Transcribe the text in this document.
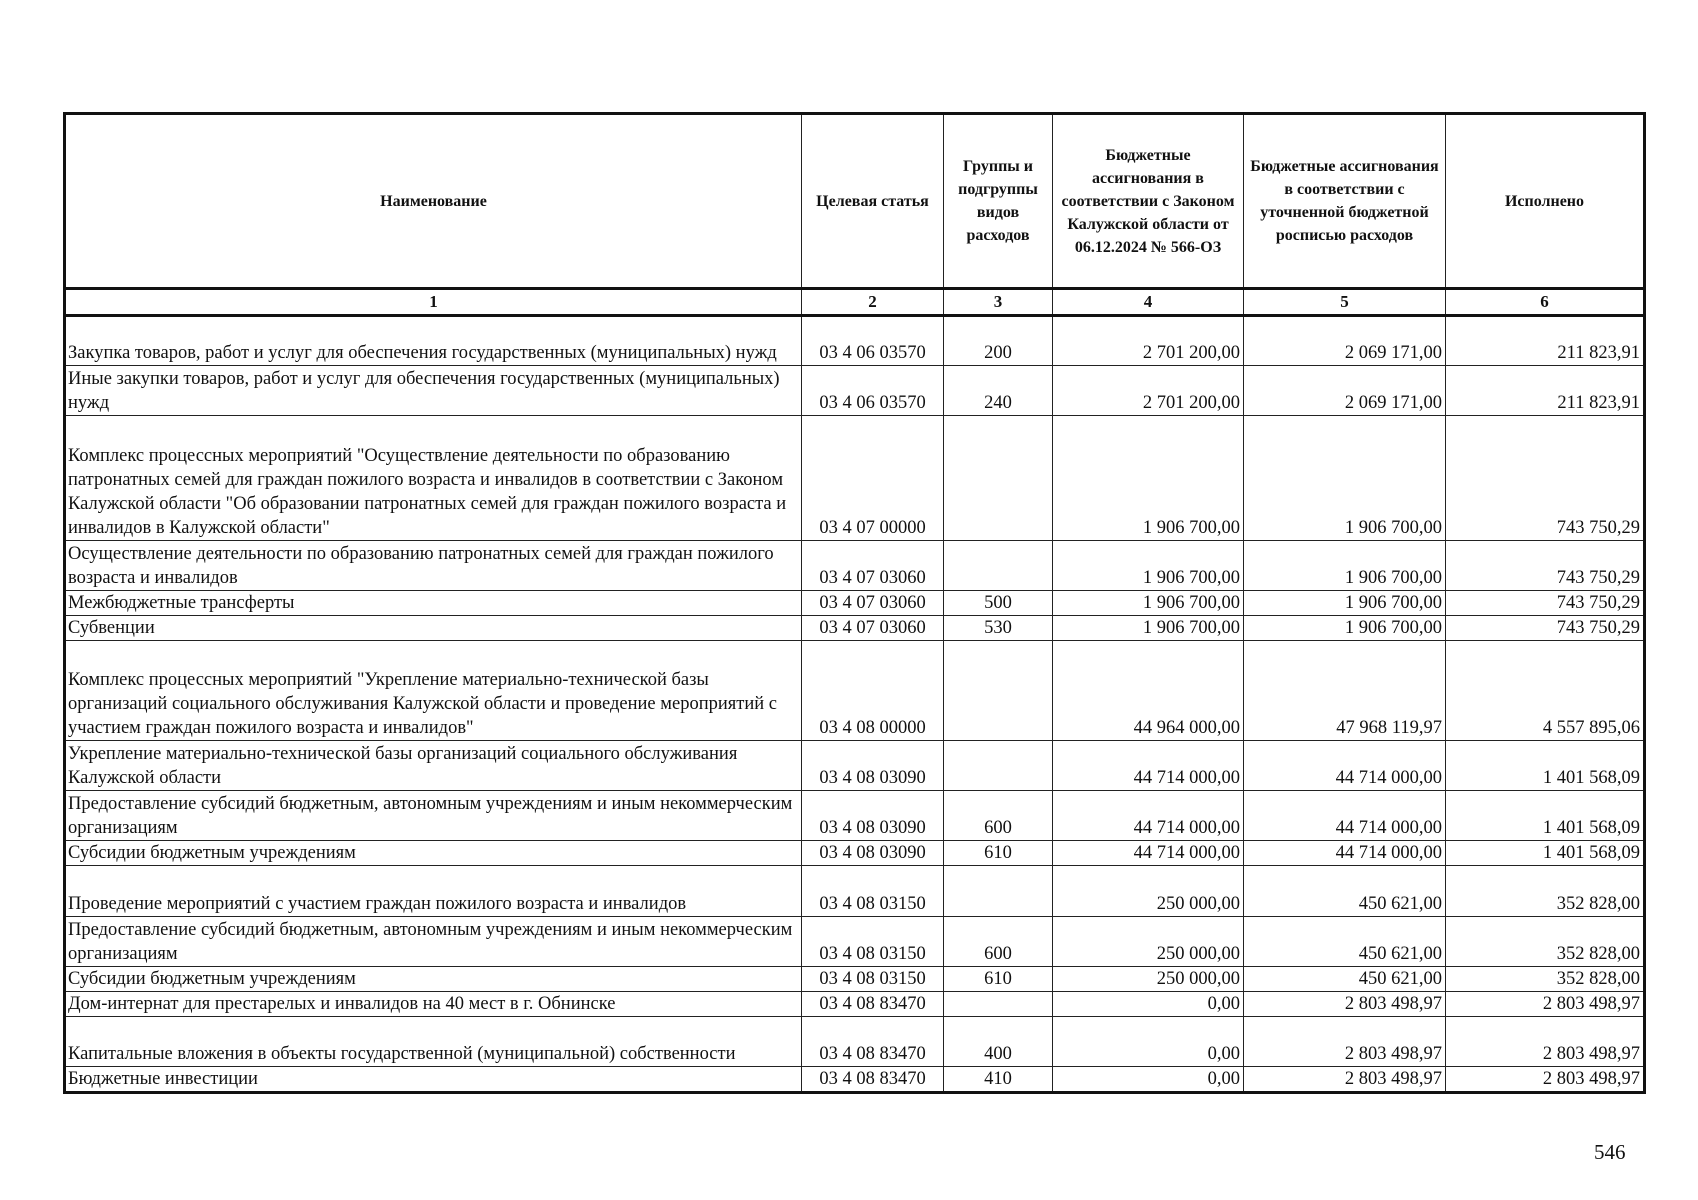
Наименование	Целевая статья	Группы и подгруппы видов расходов	Бюджетные ассигнования в соответствии с Законом Калужской области от 06.12.2024 № 566-ОЗ	Бюджетные ассигнования в соответствии с уточненной бюджетной росписью расходов	Исполнено
1	2	3	4	5	6
Закупка товаров, работ и услуг для обеспечения государственных (муниципальных) нужд	03 4 06 03570	200	2 701 200,00	2 069 171,00	211 823,91
Иные закупки товаров, работ и услуг для обеспечения государственных (муниципальных) нужд	03 4 06 03570	240	2 701 200,00	2 069 171,00	211 823,91
Комплекс процессных мероприятий "Осуществление деятельности по образованию патронатных семей для граждан пожилого возраста и инвалидов в соответствии с Законом Калужской области "Об образовании патронатных семей для граждан пожилого возраста и инвалидов в Калужской области"	03 4 07 00000		1 906 700,00	1 906 700,00	743 750,29
Осуществление деятельности по образованию патронатных семей для граждан пожилого возраста и инвалидов	03 4 07 03060		1 906 700,00	1 906 700,00	743 750,29
Межбюджетные трансферты	03 4 07 03060	500	1 906 700,00	1 906 700,00	743 750,29
Субвенции	03 4 07 03060	530	1 906 700,00	1 906 700,00	743 750,29
Комплекс процессных мероприятий "Укрепление материально-технической базы организаций социального обслуживания Калужской области и проведение мероприятий с участием граждан пожилого возраста и инвалидов"	03 4 08 00000		44 964 000,00	47 968 119,97	4 557 895,06
Укрепление материально-технической базы организаций социального обслуживания Калужской области	03 4 08 03090		44 714 000,00	44 714 000,00	1 401 568,09
Предоставление субсидий бюджетным, автономным учреждениям и иным некоммерческим организациям	03 4 08 03090	600	44 714 000,00	44 714 000,00	1 401 568,09
Субсидии бюджетным учреждениям	03 4 08 03090	610	44 714 000,00	44 714 000,00	1 401 568,09
Проведение мероприятий с участием граждан пожилого возраста и инвалидов	03 4 08 03150		250 000,00	450 621,00	352 828,00
Предоставление субсидий бюджетным, автономным учреждениям и иным некоммерческим организациям	03 4 08 03150	600	250 000,00	450 621,00	352 828,00
Субсидии бюджетным учреждениям	03 4 08 03150	610	250 000,00	450 621,00	352 828,00
Дом-интернат для престарелых и инвалидов на 40 мест в г. Обнинске	03 4 08 83470		0,00	2 803 498,97	2 803 498,97
Капитальные вложения в объекты государственной (муниципальной) собственности	03 4 08 83470	400	0,00	2 803 498,97	2 803 498,97
Бюджетные инвестиции	03 4 08 83470	410	0,00	2 803 498,97	2 803 498,97
546
